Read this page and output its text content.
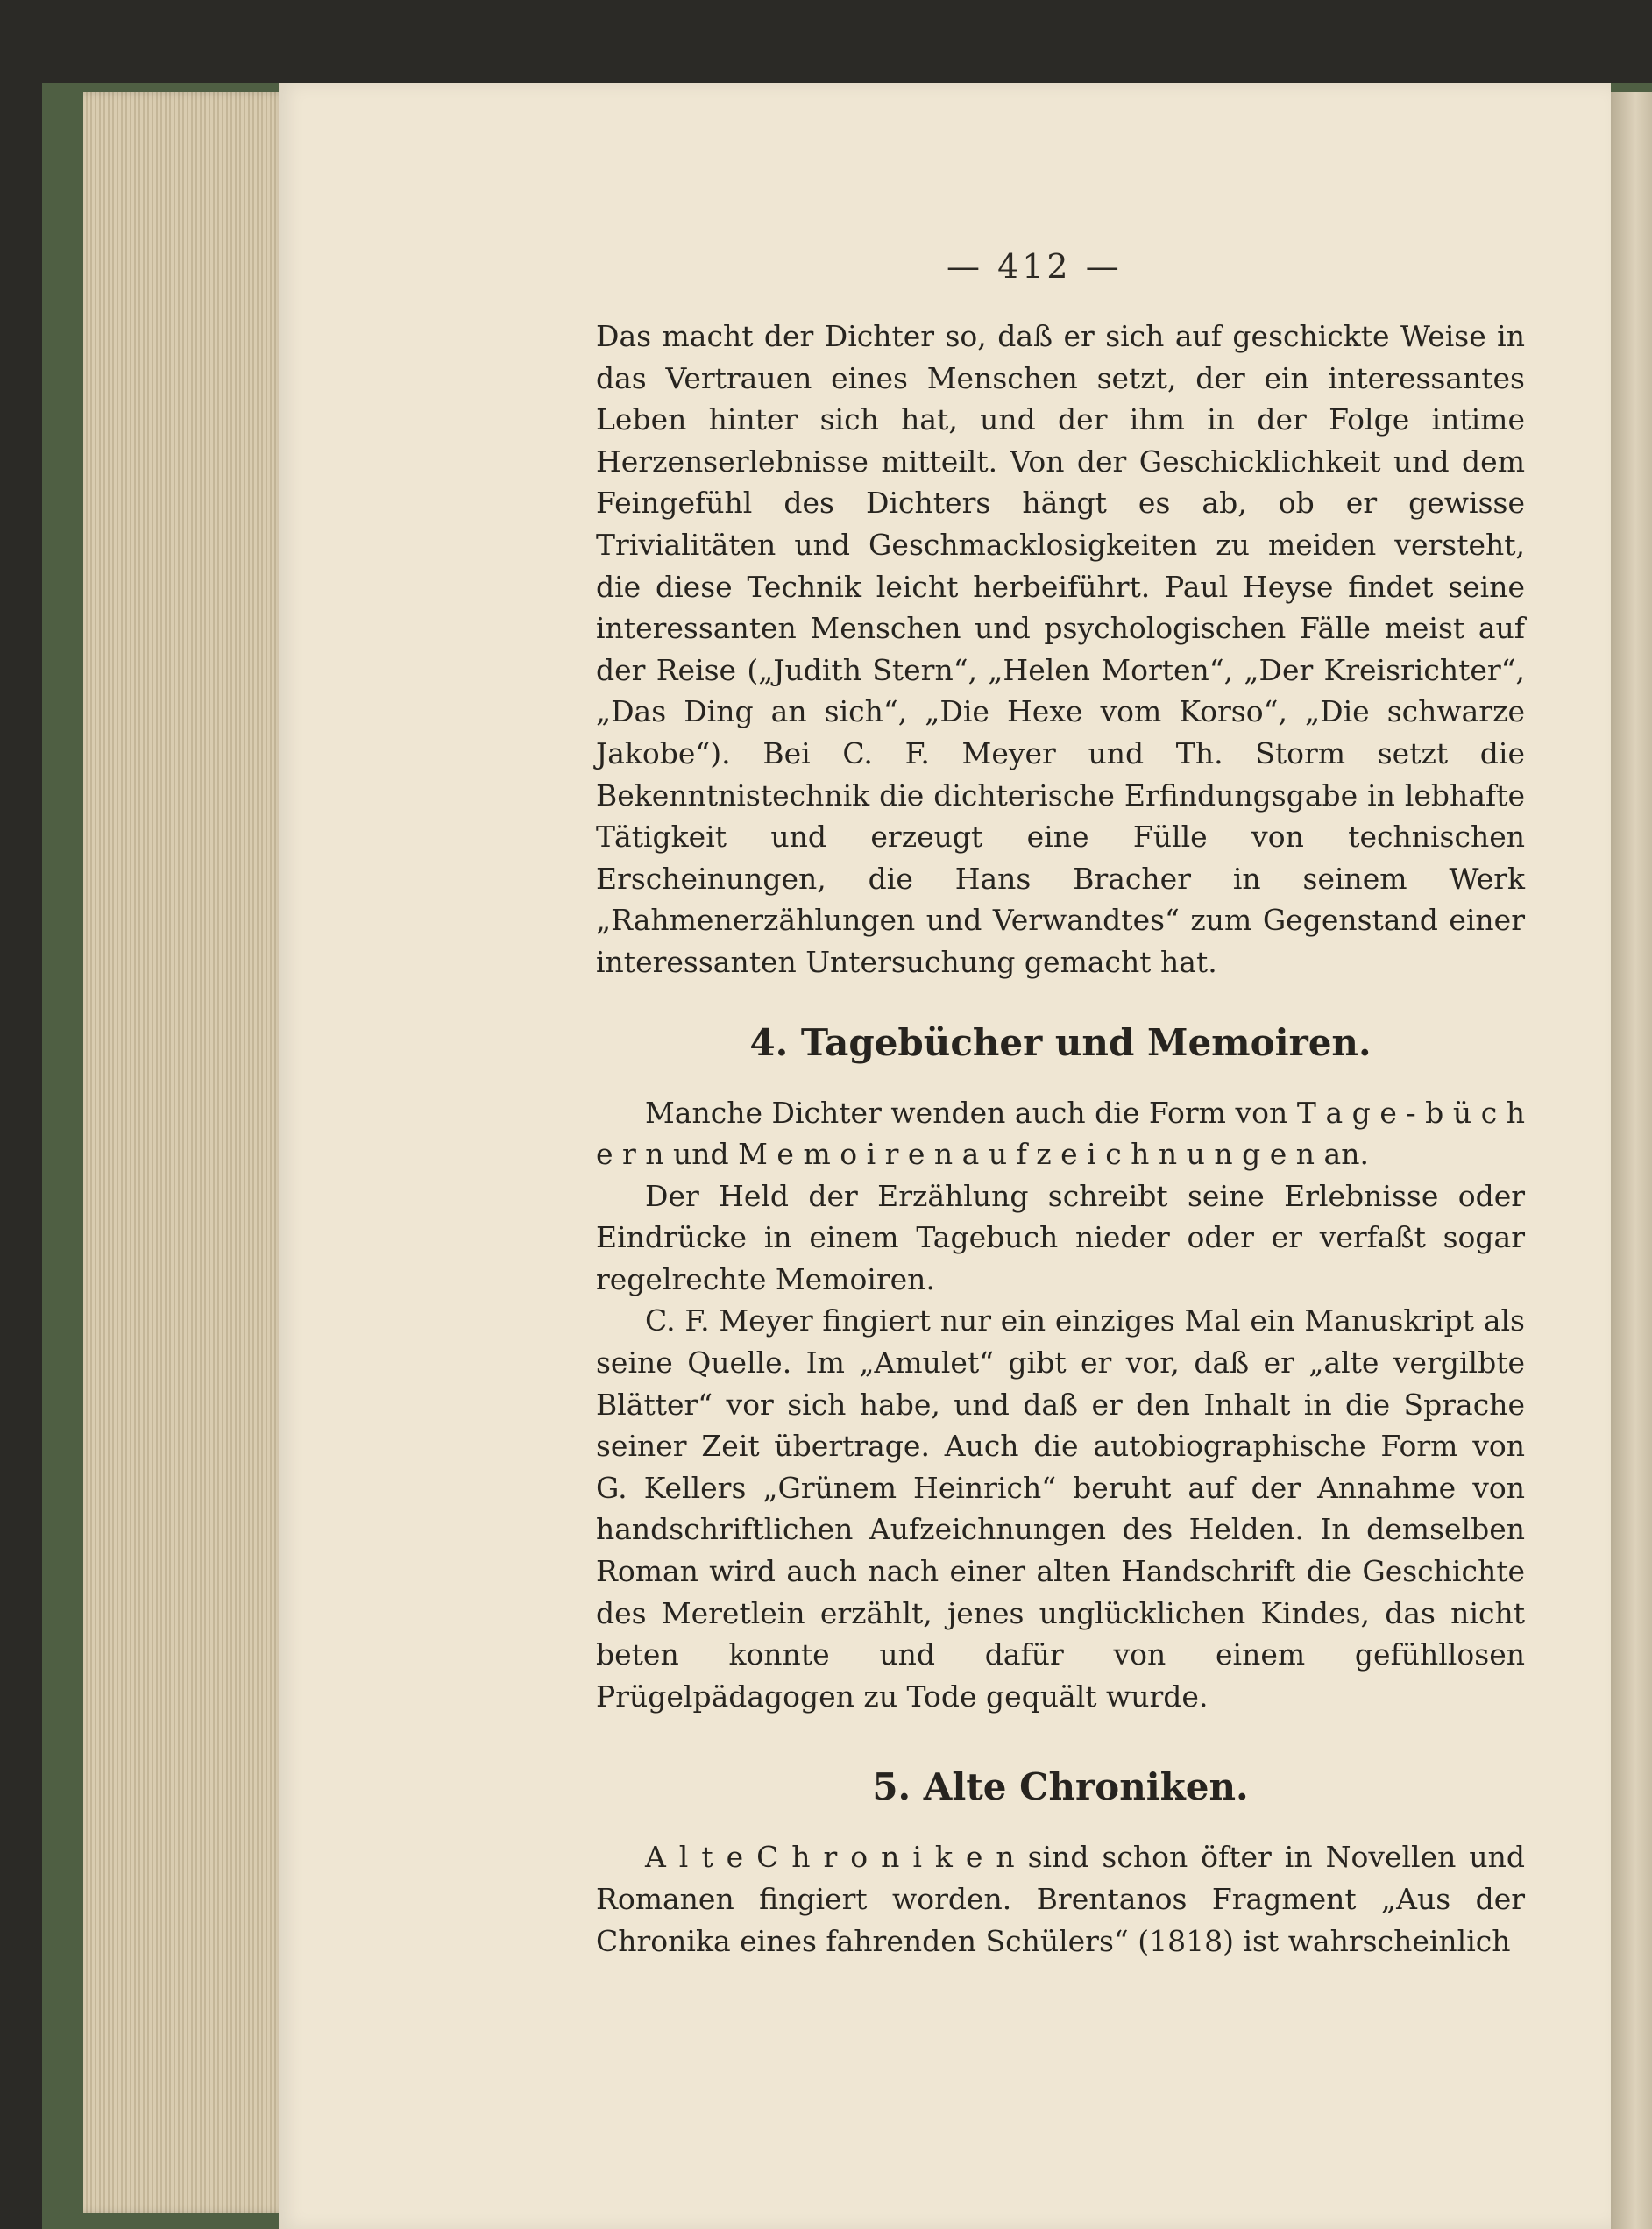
— 412 —

Das macht der Dichter so, daß er sich auf geschickte Weise in das Vertrauen eines Menschen setzt, der ein interessantes Leben hinter sich hat, und der ihm in der Folge intime Herzenserlebnisse mitteilt. Von der Geschicklichkeit und dem Feingefühl des Dichters hängt es ab, ob er gewisse Trivialitäten und Geschmacklosigkeiten zu meiden versteht, die diese Technik leicht herbeiführt. Paul Heyse findet seine interessanten Menschen und psychologischen Fälle meist auf der Reise („Judith Stern“, „Helen Morten“, „Der Kreisrichter“, „Das Ding an sich“, „Die Hexe vom Korso“, „Die schwarze Jakobe“). Bei C. F. Meyer und Th. Storm setzt die Bekenntnistechnik die dichterische Erfindungsgabe in lebhafte Tätigkeit und erzeugt eine Fülle von technischen Erscheinungen, die Hans Bracher in seinem Werk „Rahmenerzählungen und Verwandtes“ zum Gegenstand einer interessanten Untersuchung gemacht hat.

4. Tagebücher und Memoiren.

Manche Dichter wenden auch die Form von T a g e - b ü c h e r n und M e m o i r e n a u f z e i c h n u n g e n an.

Der Held der Erzählung schreibt seine Erlebnisse oder Eindrücke in einem Tagebuch nieder oder er verfaßt sogar regelrechte Memoiren.

C. F. Meyer fingiert nur ein einziges Mal ein Manuskript als seine Quelle. Im „Amulet“ gibt er vor, daß er „alte vergilbte Blätter“ vor sich habe, und daß er den Inhalt in die Sprache seiner Zeit übertrage. Auch die autobiographische Form von G. Kellers „Grünem Heinrich“ beruht auf der Annahme von handschriftlichen Aufzeichnungen des Helden. In demselben Roman wird auch nach einer alten Handschrift die Geschichte des Meretlein erzählt, jenes unglücklichen Kindes, das nicht beten konnte und dafür von einem gefühllosen Prügelpädagogen zu Tode gequält wurde.

5. Alte Chroniken.

A l t e C h r o n i k e n sind schon öfter in Novellen und Romanen fingiert worden. Brentanos Fragment „Aus der Chronika eines fahrenden Schülers“ (1818) ist wahrscheinlich
